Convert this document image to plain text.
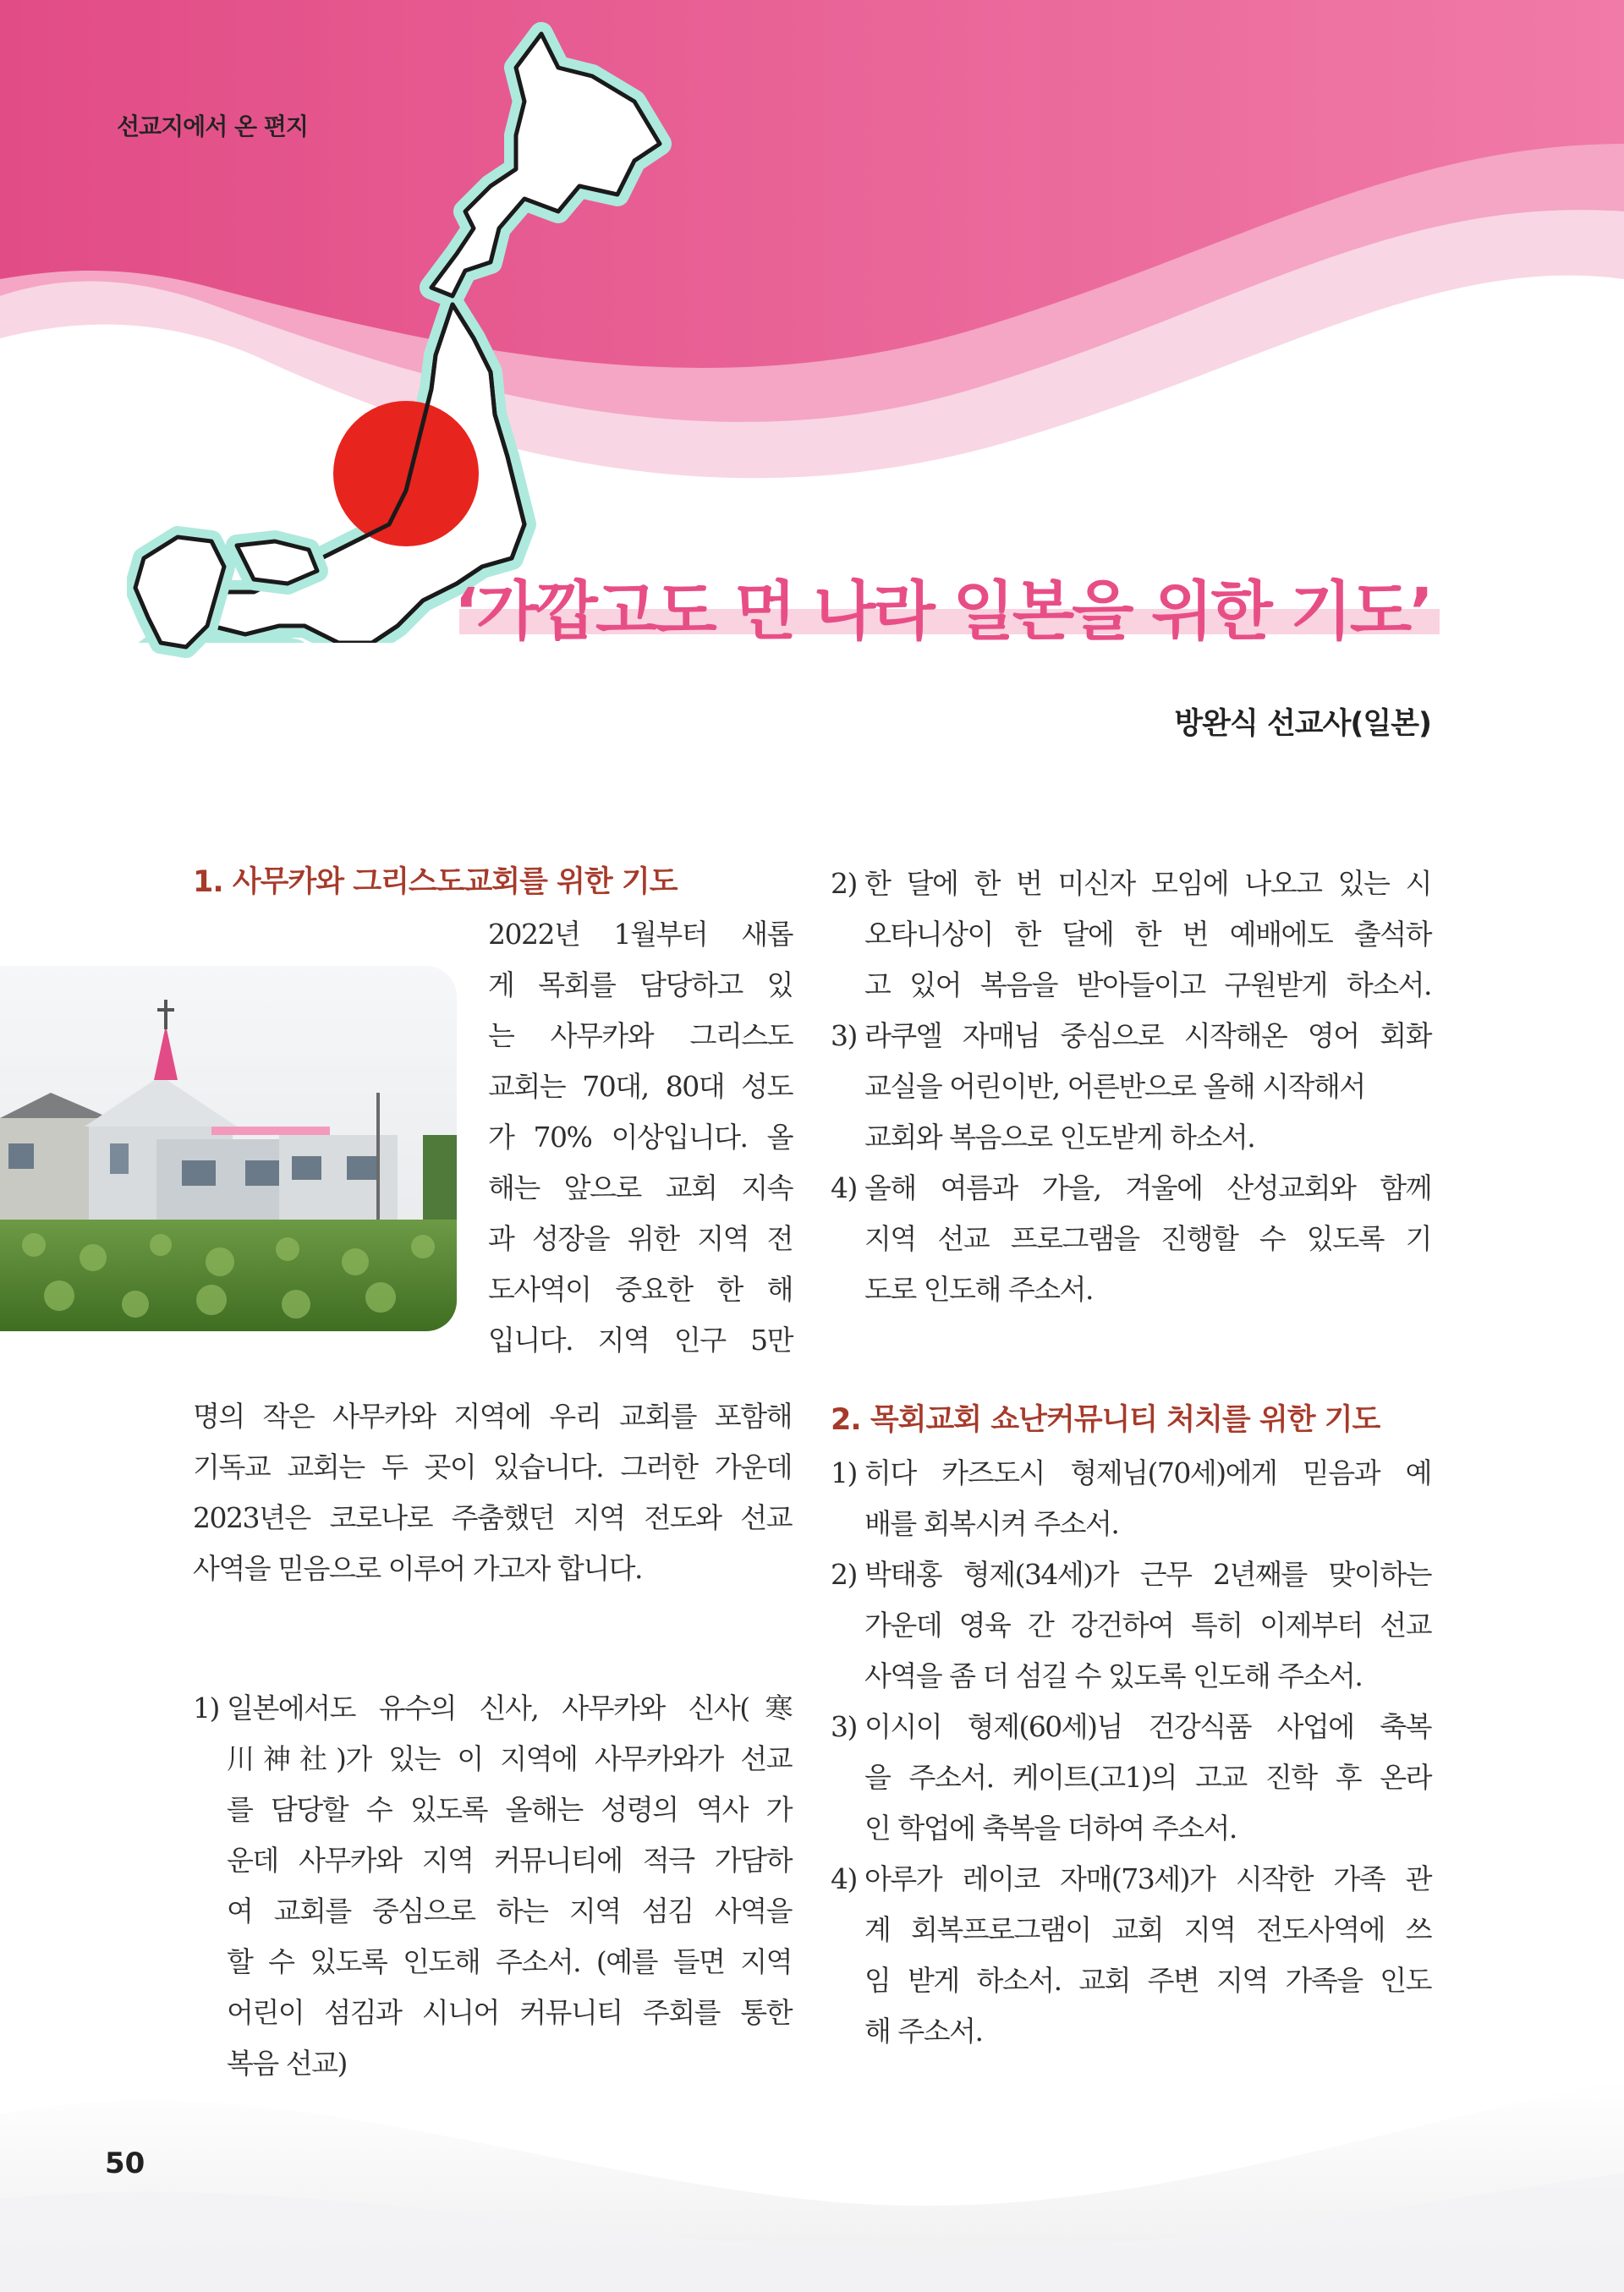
선교지에서 온 편지
‘가깝고도 먼 나라 일본을 위한 기도’
방완식 선교사(일본)
1. 사무카와 그리스도교회를 위한 기도
2022년 1월부터 새롭
게 목회를 담당하고 있
는 사무카와 그리스도
교회는 70대, 80대 성도
가 70% 이상입니다. 올
해는 앞으로 교회 지속
과 성장을 위한 지역 전
도사역이 중요한 한 해
입니다. 지역 인구 5만
명의 작은 사무카와 지역에 우리 교회를 포함해
기독교 교회는 두 곳이 있습니다. 그러한 가운데
2023년은 코로나로 주춤했던 지역 전도와 선교
사역을 믿음으로 이루어 가고자 합니다.
1) 일본에서도 유수의 신사, 사무카와 신사(寒
川神社)가 있는 이 지역에 사무카와가 선교
를 담당할 수 있도록 올해는 성령의 역사 가
운데 사무카와 지역 커뮤니티에 적극 가담하
여 교회를 중심으로 하는 지역 섬김 사역을
할 수 있도록 인도해 주소서. (예를 들면 지역
어린이 섬김과 시니어 커뮤니티 주회를 통한
복음 선교)
2) 한 달에 한 번 미신자 모임에 나오고 있는 시
오타니상이 한 달에 한 번 예배에도 출석하
고 있어 복음을 받아들이고 구원받게 하소서.
3) 라쿠엘 자매님 중심으로 시작해온 영어 회화
교실을 어린이반, 어른반으로 올해 시작해서
교회와 복음으로 인도받게 하소서.
4) 올해 여름과 가을, 겨울에 산성교회와 함께
지역 선교 프로그램을 진행할 수 있도록 기
도로 인도해 주소서.
2. 목회교회 쇼난커뮤니티 처치를 위한 기도
1) 히다 카즈도시 형제님(70세)에게 믿음과 예
배를 회복시켜 주소서.
2) 박태홍 형제(34세)가 근무 2년째를 맞이하는
가운데 영육 간 강건하여 특히 이제부터 선교
사역을 좀 더 섬길 수 있도록 인도해 주소서.
3) 이시이 형제(60세)님 건강식품 사업에 축복
을 주소서. 케이트(고1)의 고교 진학 후 온라
인 학업에 축복을 더하여 주소서.
4) 아루가 레이코 자매(73세)가 시작한 가족 관
계 회복프로그램이 교회 지역 전도사역에 쓰
임 받게 하소서. 교회 주변 지역 가족을 인도
해 주소서.
50
